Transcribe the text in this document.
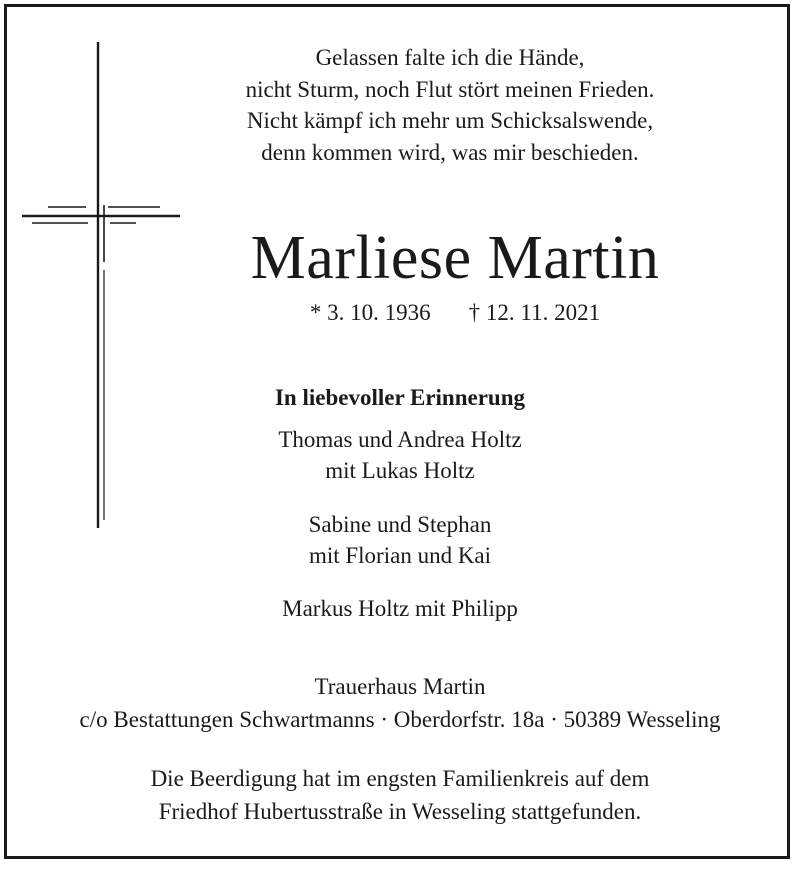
Gelassen falte ich die Hände,
nicht Sturm, noch Flut stört meinen Frieden.
Nicht kämpf ich mehr um Schicksalswende,
denn kommen wird, was mir beschieden.
Marliese Martin
* 3. 10. 1936 † 12. 11. 2021
In liebevoller Erinnerung
Thomas und Andrea Holtz
mit Lukas Holtz
Sabine und Stephan
mit Florian und Kai
Markus Holtz mit Philipp
Trauerhaus Martin
c/o Bestattungen Schwartmanns · Oberdorfstr. 18a · 50389 Wesseling
Die Beerdigung hat im engsten Familienkreis auf dem
Friedhof Hubertusstraße in Wesseling stattgefunden.
